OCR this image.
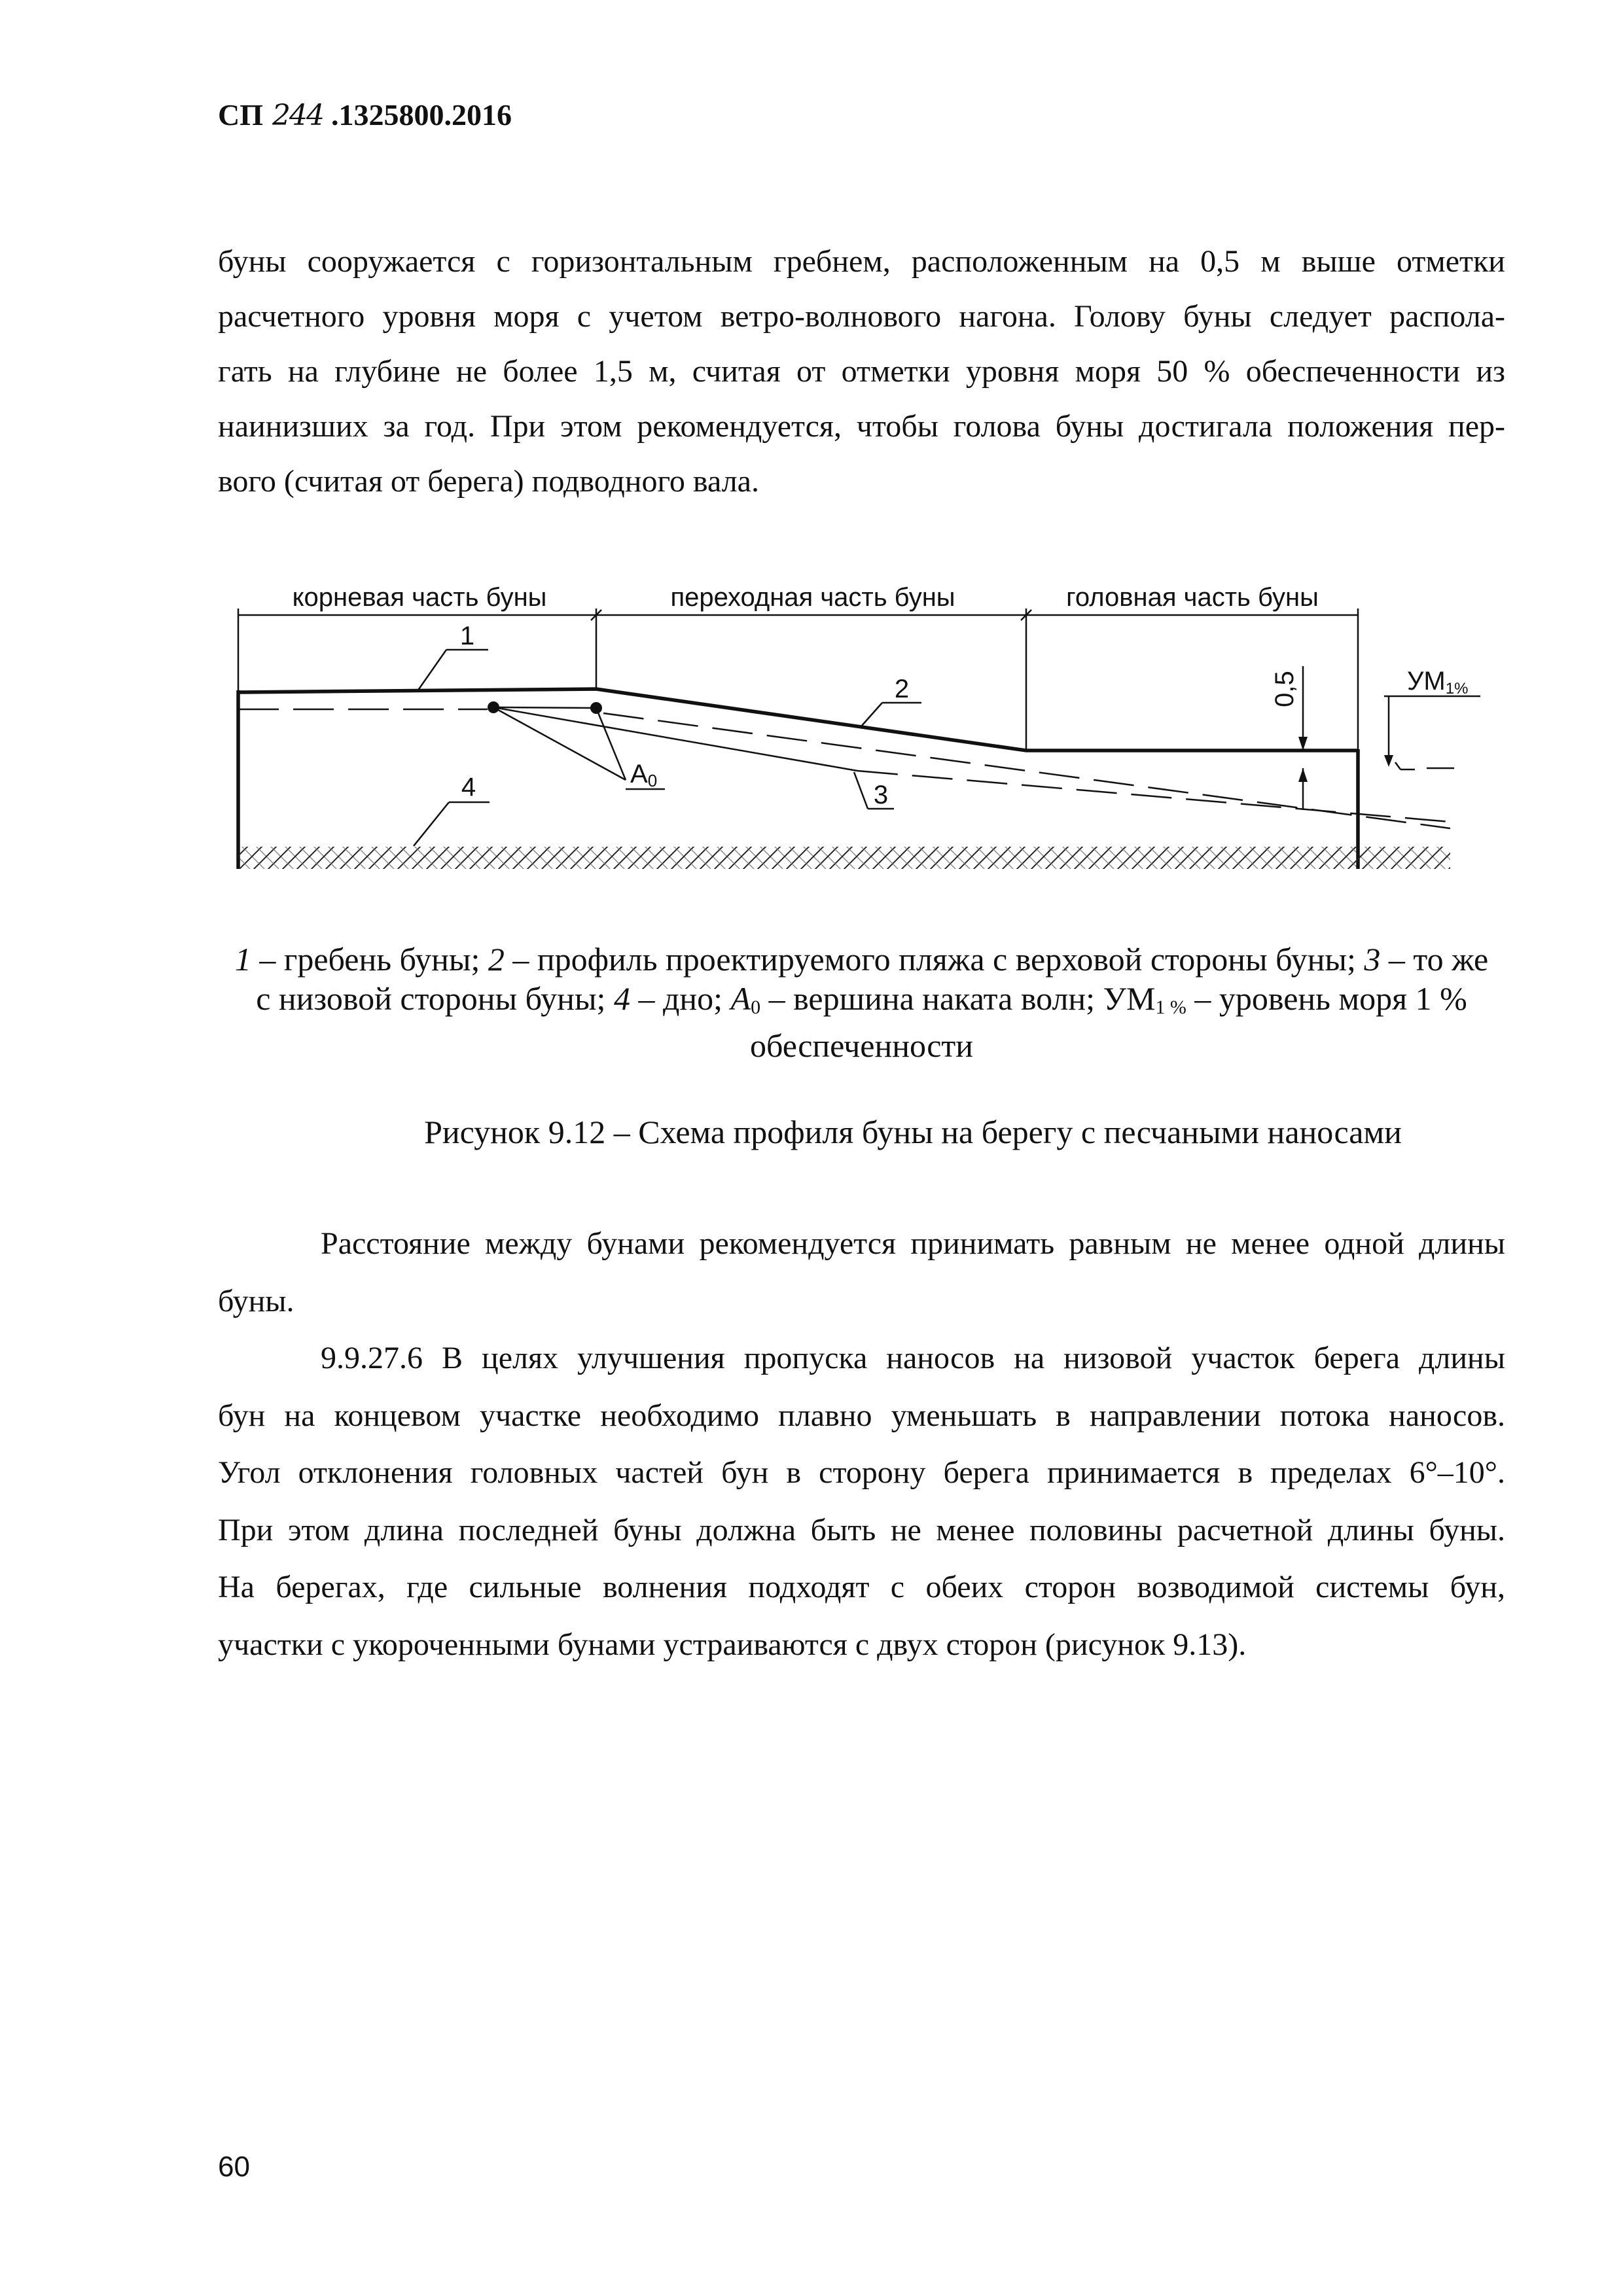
СП 244 .1325800.2016
буны сооружается с горизонтальным гребнем, расположенным на 0,5 м выше отметки
расчетного уровня моря с учетом ветро-волнового нагона. Голову буны следует распола-
гать на глубине не более 1,5 м, считая от отметки уровня моря 50 % обеспеченности из
наинизших за год. При этом рекомендуется, чтобы голова буны достигала положения пер-
вого (считая от берега) подводного вала.
корневая часть буны	переходная часть буны	головная часть буны
1
2
3
4	A0
0,5	УМ1%
1 – гребень буны; 2 – профиль проектируемого пляжа с верховой стороны буны; 3 – то же
с низовой стороны буны; 4 – дно; $A_0$ – вершина наката волн; $УМ_{1 \%}$ – уровень моря 1 %
обеспеченности
Рисунок 9.12 – Схема профиля буны на берегу с песчаными наносами
Расстояние между бунами рекомендуется принимать равным не менее одной длины
буны.
9.9.27.6 В целях улучшения пропуска наносов на низовой участок берега длины
бун на концевом участке необходимо плавно уменьшать в направлении потока наносов.
Угол отклонения головных частей бун в сторону берега принимается в пределах 6°–10°.
При этом длина последней буны должна быть не менее половины расчетной длины буны.
На берегах, где сильные волнения подходят с обеих сторон возводимой системы бун,
участки с укороченными бунами устраиваются с двух сторон (рисунок 9.13).
60
